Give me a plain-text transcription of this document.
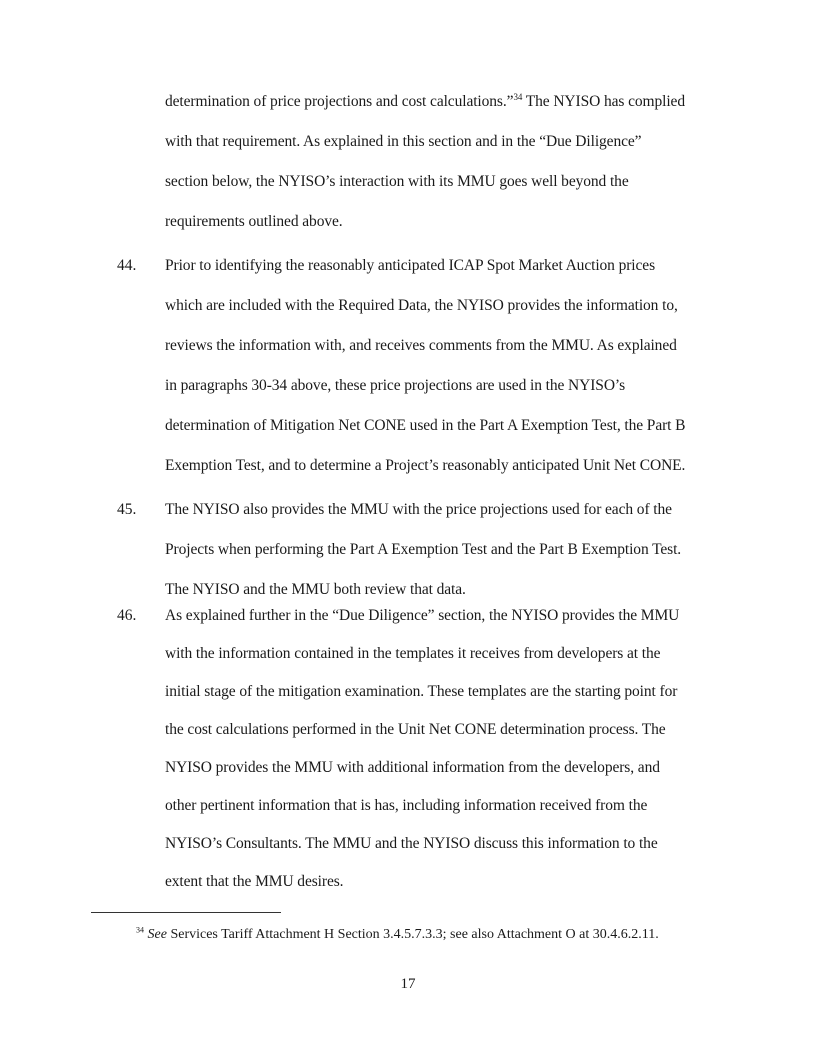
determination of price projections and cost calculations.”$^{34}$ The NYISO has complied
with that requirement. As explained in this section and in the “Due Diligence”
section below, the NYISO’s interaction with its MMU goes well beyond the
requirements outlined above.
44. Prior to identifying the reasonably anticipated ICAP Spot Market Auction prices
which are included with the Required Data, the NYISO provides the information to,
reviews the information with, and receives comments from the MMU. As explained
in paragraphs 30-34 above, these price projections are used in the NYISO’s
determination of Mitigation Net CONE used in the Part A Exemption Test, the Part B
Exemption Test, and to determine a Project’s reasonably anticipated Unit Net CONE.
45. The NYISO also provides the MMU with the price projections used for each of the
Projects when performing the Part A Exemption Test and the Part B Exemption Test.
The NYISO and the MMU both review that data.
46. As explained further in the “Due Diligence” section, the NYISO provides the MMU
with the information contained in the templates it receives from developers at the
initial stage of the mitigation examination. These templates are the starting point for
the cost calculations performed in the Unit Net CONE determination process. The
NYISO provides the MMU with additional information from the developers, and
other pertinent information that is has, including information received from the
NYISO’s Consultants. The MMU and the NYISO discuss this information to the
extent that the MMU desires.
$^{34}$ See Services Tariff Attachment H Section 3.4.5.7.3.3; see also Attachment O at 30.4.6.2.11.
17
